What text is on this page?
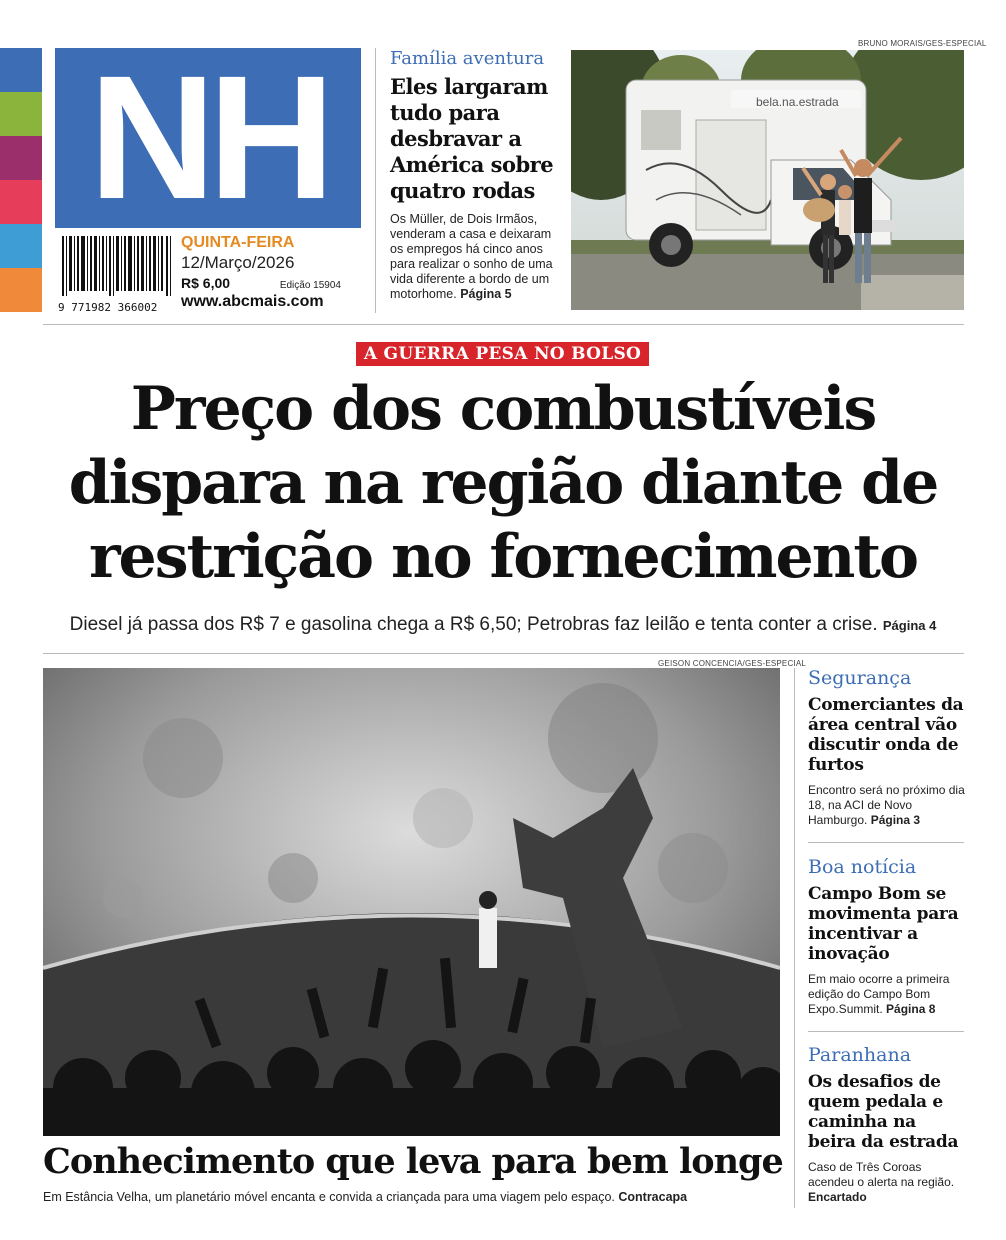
NH
9 771982 366002
QUINTA-FEIRA
12/Março/2026
R$ 6,00	Edição 15904
www.abcmais.com
Família aventura
Eles largaram tudo para desbravar a América sobre quatro rodas
Os Müller, de Dois Irmãos, venderam a casa e deixaram os empregos há cinco anos para realizar o sonho de uma vida diferente a bordo de um motorhome. Página 5
BRUNO MORAIS/GES-ESPECIAL
bela.na.estrada
A GUERRA PESA NO BOLSO
Preço dos combustíveis dispara na região diante de restrição no fornecimento
Diesel já passa dos R$ 7 e gasolina chega a R$ 6,50; Petrobras faz leilão e tenta conter a crise. Página 4
GEISON CONCENCIA/GES-ESPECIAL
Conhecimento que leva para bem longe
Em Estância Velha, um planetário móvel encanta e convida a criançada para uma viagem pelo espaço. Contracapa
Segurança
Comerciantes da área central vão discutir onda de furtos
Encontro será no próximo dia 18, na ACI de Novo Hamburgo. Página 3
Boa notícia
Campo Bom se movimenta para incentivar a inovação
Em maio ocorre a primeira edição do Campo Bom Expo.Summit. Página 8
Paranhana
Os desafios de quem pedala e caminha na beira da estrada
Caso de Três Coroas acendeu o alerta na região. Encartado
